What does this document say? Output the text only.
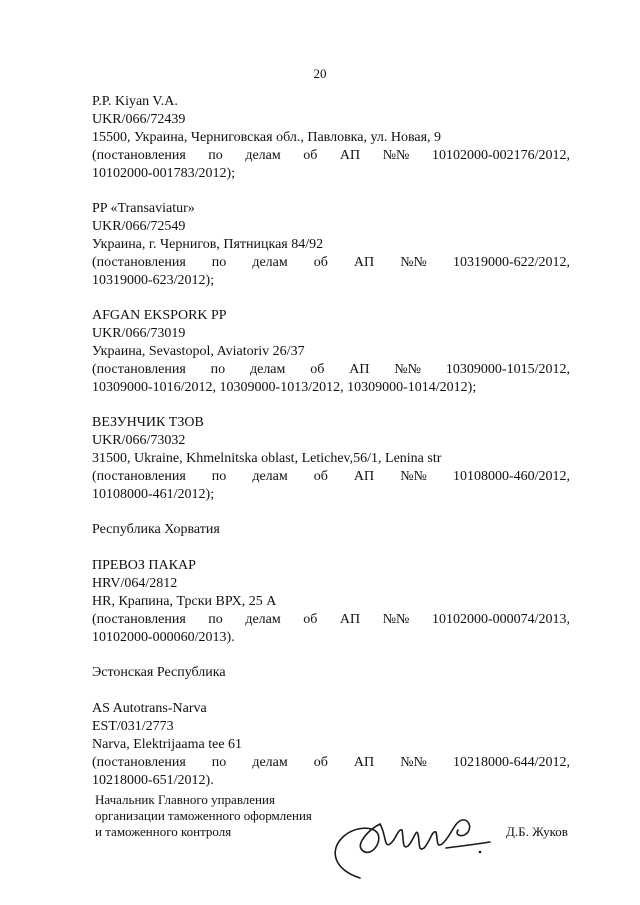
20
P.P. Kiyan V.A.
UKR/066/72439
15500, Украина, Черниговская обл., Павловка, ул. Новая, 9
(постановления по делам об АП №№ 10102000-002176/2012,
10102000-001783/2012);
PP «Transaviatur»
UKR/066/72549
Украина, г. Чернигов, Пятницкая 84/92
(постановления по делам об АП №№ 10319000-622/2012,
10319000-623/2012);
AFGAN EKSPORK PP
UKR/066/73019
Украина, Sevastopol, Aviatoriv 26/37
(постановления по делам об АП №№ 10309000-1015/2012,
10309000-1016/2012, 10309000-1013/2012, 10309000-1014/2012);
ВЕЗУНЧИК ТЗОВ
UKR/066/73032
31500, Ukraine, Khmelnitska oblast, Letichev,56/1, Lenina str
(постановления по делам об АП №№ 10108000-460/2012,
10108000-461/2012);
Республика Хорватия
ПРЕВОЗ ПАКАР
HRV/064/2812
HR, Крапина, Трски ВРХ, 25 А
(постановления по делам об АП №№ 10102000-000074/2013,
10102000-000060/2013).
Эстонская Республика
AS Autotrans-Narva
EST/031/2773
Narva, Elektrijaama tee 61
(постановления по делам об АП №№ 10218000-644/2012,
10218000-651/2012).
Начальник Главного управления
организации таможенного оформления
и таможенного контроля	Д.Б. Жуков
